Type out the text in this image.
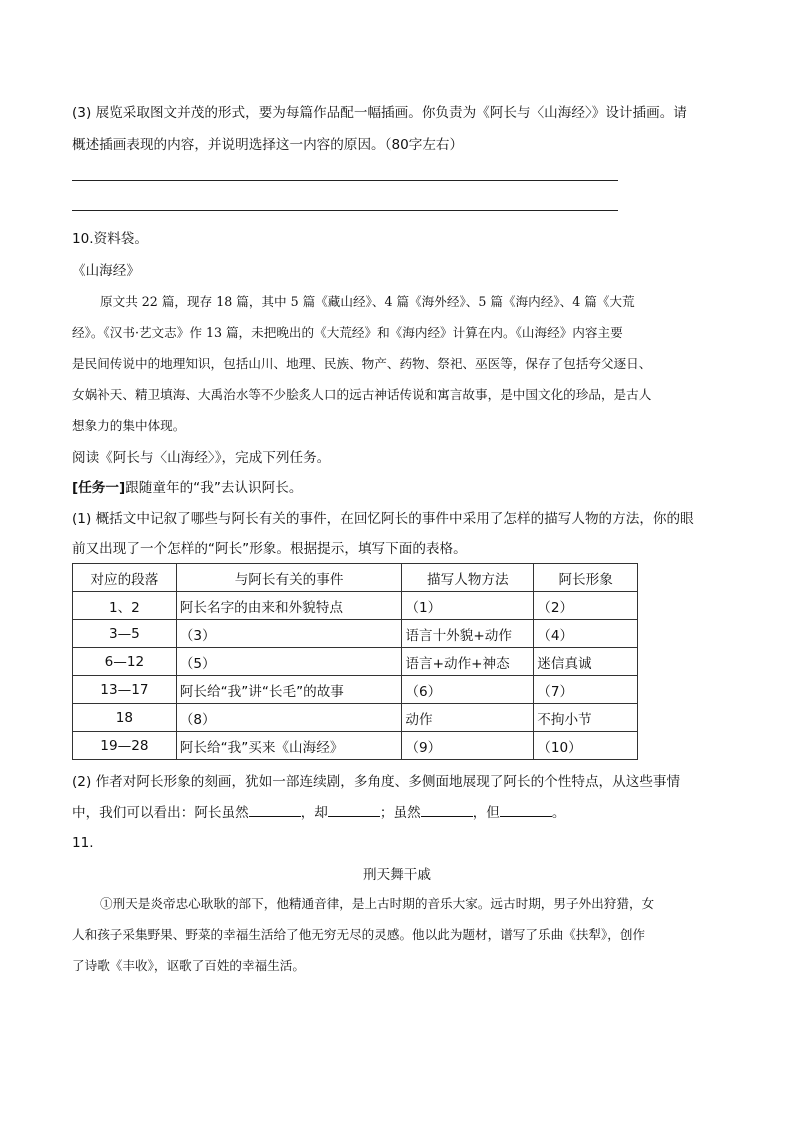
(3) 展览采取图文并茂的形式，要为每篇作品配一幅插画。你负责为《阿长与〈山海经〉》设计插画。请
概述插画表现的内容，并说明选择这一内容的原因。（80字左右）
10.资料袋。
《山海经》
原文共 22 篇，现存 18 篇，其中 5 篇《藏山经》、4 篇《海外经》、5 篇《海内经》、4 篇《大荒
经》。《汉书·艺文志》作 13 篇，未把晚出的《大荒经》和《海内经》计算在内。《山海经》内容主要
是民间传说中的地理知识，包括山川、地理、民族、物产、药物、祭祀、巫医等，保存了包括夸父逐日、
女娲补天、精卫填海、大禹治水等不少脍炙人口的远古神话传说和寓言故事，是中国文化的珍品，是古人
想象力的集中体现。
阅读《阿长与〈山海经〉》，完成下列任务。
[任务一]跟随童年的“我”去认识阿长。
(1) 概括文中记叙了哪些与阿长有关的事件，在回忆阿长的事件中采用了怎样的描写人物的方法，你的眼
前又出现了一个怎样的“阿长”形象。根据提示，填写下面的表格。
对应的段落	与阿长有关的事件	描写人物方法	阿长形象
1、2	阿长名字的由来和外貌特点	（1）	（2）
3—5	（3）	语言十外貌+动作	（4）
6—12	（5）	语言+动作+神态	迷信真诚
13—17	阿长给“我”讲“长毛”的故事	（6）	（7）
18	（8）	动作	不拘小节
19—28	阿长给“我”买来《山海经》	（9）	（10）
(2) 作者对阿长形象的刻画，犹如一部连续剧，多角度、多侧面地展现了阿长的个性特点，从这些事情
中，我们可以看出：阿长虽然	，却	；虽然	，但	。
11.
刑天舞干戚
①刑天是炎帝忠心耿耿的部下，他精通音律，是上古时期的音乐大家。远古时期，男子外出狩猎，女
人和孩子采集野果、野菜的幸福生活给了他无穷无尽的灵感。他以此为题材，谱写了乐曲《扶犁》，创作
了诗歌《丰收》，讴歌了百姓的幸福生活。
